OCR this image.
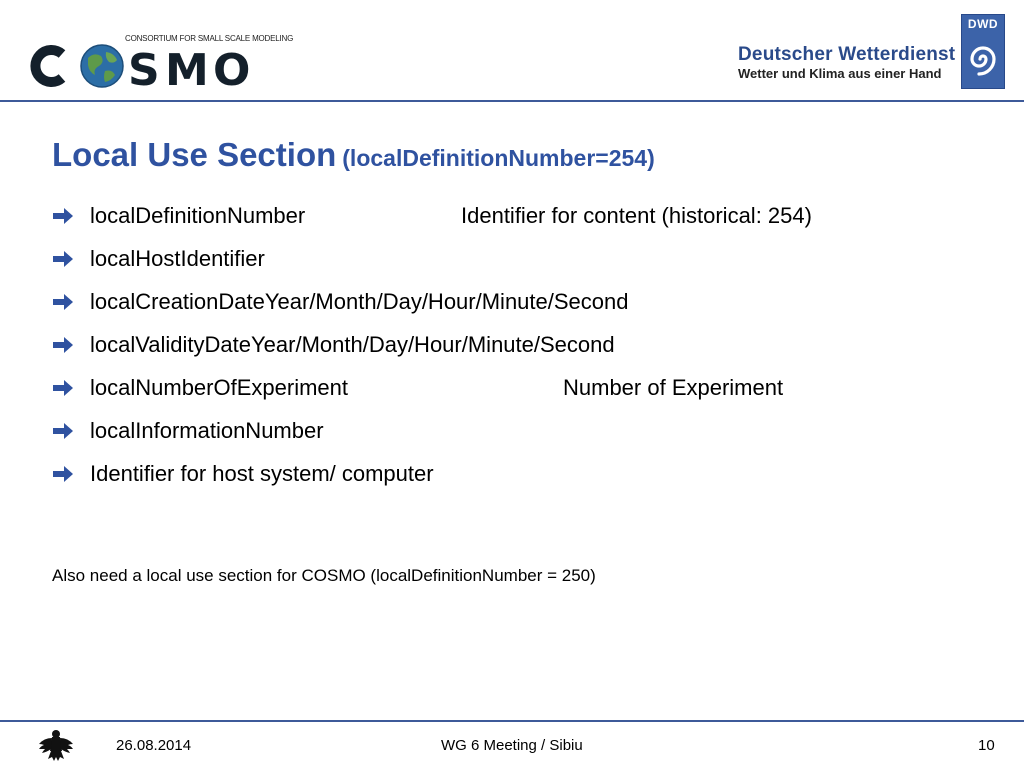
CONSORTIUM FOR SMALL SCALE MODELING
S M O	Deutscher Wetterdienst
Wetter und Klima aus einer Hand
DWD
Local Use Section (localDefinitionNumber=254)
localDefinitionNumber	Identifier for content (historical: 254)
localHostIdentifier
localCreationDateYear/Month/Day/Hour/Minute/Second
localValidityDateYear/Month/Day/Hour/Minute/Second
localNumberOfExperiment	Number of Experiment
localInformationNumber
Identifier for host system/ computer
Also need a local use section for COSMO (localDefinitionNumber = 250)
26.08.2014	WG 6 Meeting / Sibiu	10
